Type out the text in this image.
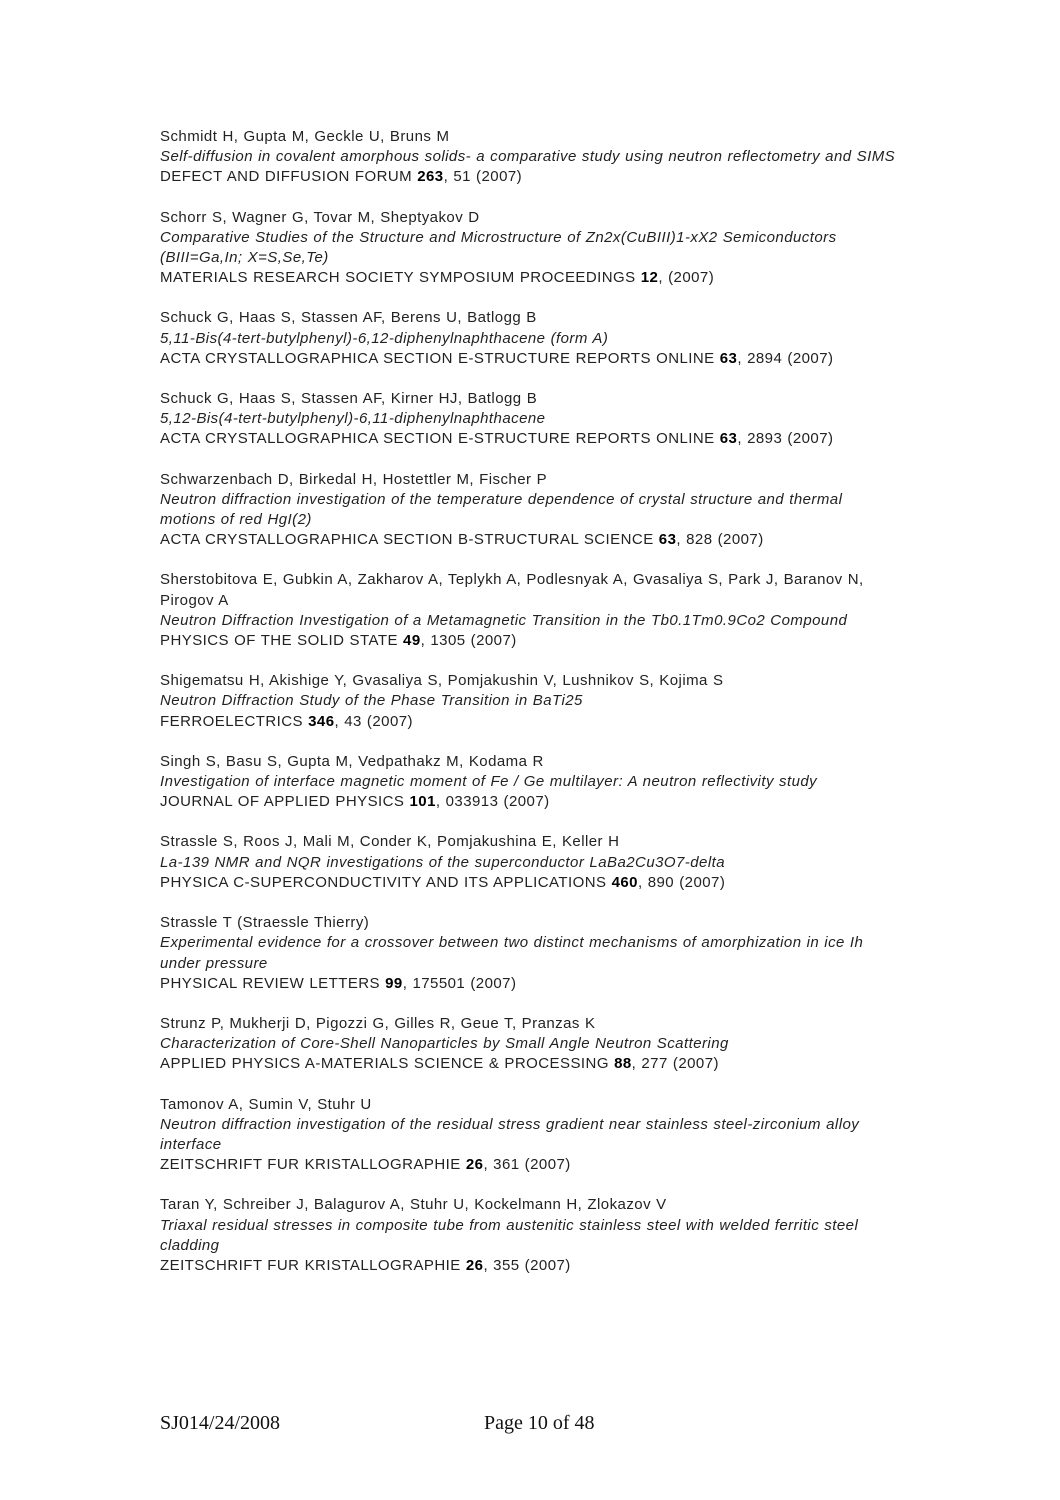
Schmidt H, Gupta M, Geckle U, Bruns M
Self-diffusion in covalent amorphous solids- a comparative study using neutron reflectometry and SIMS
DEFECT AND DIFFUSION FORUM 263, 51 (2007)
Schorr S, Wagner G, Tovar M, Sheptyakov D
Comparative Studies of the Structure and Microstructure of Zn2x(CuBIII)1-xX2 Semiconductors (BIII=Ga,In; X=S,Se,Te)
MATERIALS RESEARCH SOCIETY SYMPOSIUM PROCEEDINGS 12, (2007)
Schuck G, Haas S, Stassen AF, Berens U, Batlogg B
5,11-Bis(4-tert-butylphenyl)-6,12-diphenylnaphthacene (form A)
ACTA CRYSTALLOGRAPHICA SECTION E-STRUCTURE REPORTS ONLINE 63, 2894 (2007)
Schuck G, Haas S, Stassen AF, Kirner HJ, Batlogg B
5,12-Bis(4-tert-butylphenyl)-6,11-diphenylnaphthacene
ACTA CRYSTALLOGRAPHICA SECTION E-STRUCTURE REPORTS ONLINE 63, 2893 (2007)
Schwarzenbach D, Birkedal H, Hostettler M, Fischer P
Neutron diffraction investigation of the temperature dependence of crystal structure and thermal motions of red HgI(2)
ACTA CRYSTALLOGRAPHICA SECTION B-STRUCTURAL SCIENCE 63, 828 (2007)
Sherstobitova E, Gubkin A, Zakharov A, Teplykh A, Podlesnyak A, Gvasaliya S, Park J, Baranov N, Pirogov A
Neutron Diffraction Investigation of a Metamagnetic Transition in the Tb0.1Tm0.9Co2 Compound
PHYSICS OF THE SOLID STATE 49, 1305 (2007)
Shigematsu H, Akishige Y, Gvasaliya S, Pomjakushin V, Lushnikov S, Kojima S
Neutron Diffraction Study of the Phase Transition in BaTi25
FERROELECTRICS 346, 43 (2007)
Singh S, Basu S, Gupta M, Vedpathakz M, Kodama R
Investigation of interface magnetic moment of Fe / Ge multilayer: A neutron reflectivity study
JOURNAL OF APPLIED PHYSICS 101, 033913 (2007)
Strassle S, Roos J, Mali M, Conder K, Pomjakushina E, Keller H
La-139 NMR and NQR investigations of the superconductor LaBa2Cu3O7-delta
PHYSICA C-SUPERCONDUCTIVITY AND ITS APPLICATIONS 460, 890 (2007)
Strassle T (Straessle Thierry)
Experimental evidence for a crossover between two distinct mechanisms of amorphization in ice Ih under pressure
PHYSICAL REVIEW LETTERS 99, 175501 (2007)
Strunz P, Mukherji D, Pigozzi G, Gilles R, Geue T, Pranzas K
Characterization of Core-Shell Nanoparticles by Small Angle Neutron Scattering
APPLIED PHYSICS A-MATERIALS SCIENCE & PROCESSING 88, 277 (2007)
Tamonov A, Sumin V, Stuhr U
Neutron diffraction investigation of the residual stress gradient near stainless steel-zirconium alloy interface
ZEITSCHRIFT FUR KRISTALLOGRAPHIE 26, 361 (2007)
Taran Y, Schreiber J, Balagurov A, Stuhr U, Kockelmann H, Zlokazov V
Triaxal residual stresses in composite tube from austenitic stainless steel with welded ferritic steel cladding
ZEITSCHRIFT FUR KRISTALLOGRAPHIE 26, 355 (2007)
SJ014/24/2008	Page 10 of 48
